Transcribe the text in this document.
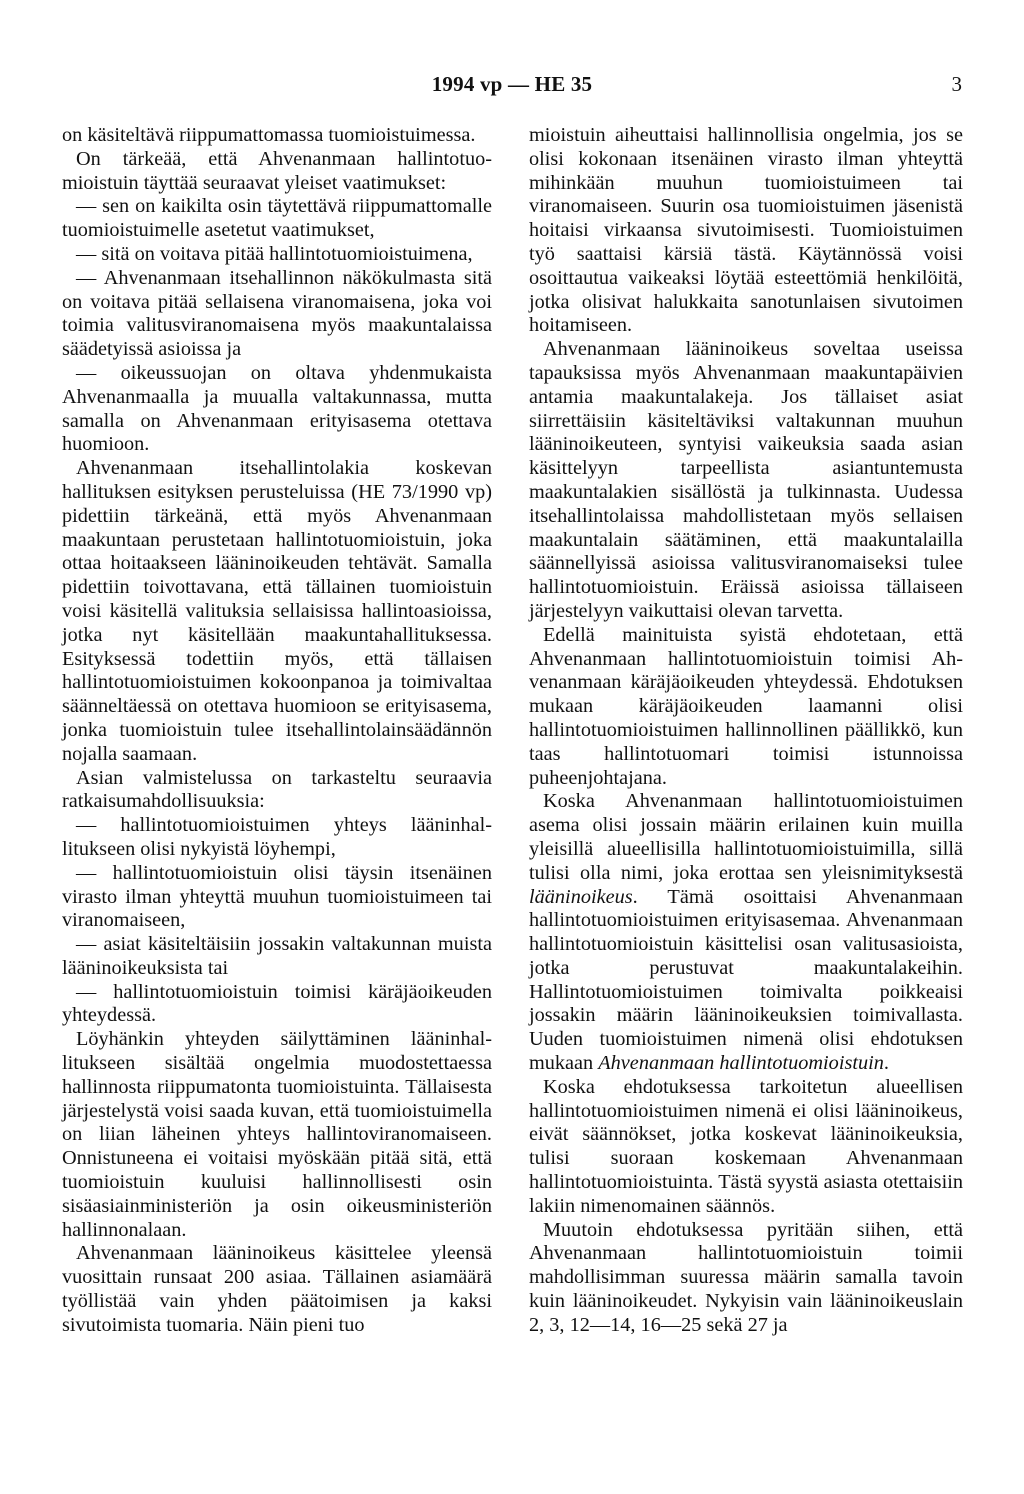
1994 vp — HE 35	3

on käsiteltävä riippumattomassa tuomioistuimessa.

On tärkeää, että Ahvenanmaan hallintotuomioistuin täyttää seuraavat yleiset vaatimukset:

— sen on kaikilta osin täytettävä riippumattomalle tuomioistuimelle asetetut vaatimukset,

— sitä on voitava pitää hallintotuomioistuimena,

— Ahvenanmaan itsehallinnon näkökulmasta sitä on voitava pitää sellaisena viranomaisena, joka voi toimia valitusviranomaisena myös maakuntalaissa säädetyissä asioissa ja

— oikeussuojan on oltava yhdenmukaista Ahvenanmaalla ja muualla valtakunnassa, mutta samalla on Ahvenanmaan erityisasema otettava huomioon.

Ahvenanmaan itsehallintolakia koskevan hallituksen esityksen perusteluissa (HE 73/1990 vp) pidettiin tärkeänä, että myös Ahvenanmaan maakuntaan perustetaan hallintotuomioistuin, joka ottaa hoitaakseen lääninoikeuden tehtävät. Samalla pidettiin toivottavana, että tällainen tuomioistuin voisi käsitellä valituksia sellaisissa hallintoasioissa, jotka nyt käsitellään maakuntahallituksessa. Esityksessä todettiin myös, että tällaisen hallintotuomioistuimen kokoonpanoa ja toimivaltaa säänneltäessä on otettava huomioon se erityisasema, jonka tuomioistuin tulee itsehallintolainsäädännön nojalla saamaan.

Asian valmistelussa on tarkasteltu seuraavia ratkaisumahdollisuuksia:

— hallintotuomioistuimen yhteys lääninhallitukseen olisi nykyistä löyhempi,

— hallintotuomioistuin olisi täysin itsenäinen virasto ilman yhteyttä muuhun tuomioistuimeen tai viranomaiseen,

— asiat käsiteltäisiin jossakin valtakunnan muista lääninoikeuksista tai

— hallintotuomioistuin toimisi käräjäoikeuden yhteydessä.

Löyhänkin yhteyden säilyttäminen lääninhallitukseen sisältää ongelmia muodostettaessa hallinnosta riippumatonta tuomioistuinta. Tällaisesta järjestelystä voisi saada kuvan, että tuomioistuimella on liian läheinen yhteys hallintoviranomaiseen. Onnistuneena ei voitaisi myöskään pitää sitä, että tuomioistuin kuuluisi hallinnollisesti osin sisäasiainministeriön ja osin oikeusministeriön hallinnonalaan.

Ahvenanmaan lääninoikeus käsittelee yleensä vuosittain runsaat 200 asiaa. Tällainen asiamäärä työllistää vain yhden päätoimisen ja kaksi sivutoimista tuomaria. Näin pieni tuo

mioistuin aiheuttaisi hallinnollisia ongelmia, jos se olisi kokonaan itsenäinen virasto ilman yhteyttä mihinkään muuhun tuomioistuimeen tai viranomaiseen. Suurin osa tuomioistuimen jäsenistä hoitaisi virkaansa sivutoimisesti. Tuomioistuimen työ saattaisi kärsiä tästä. Käytännössä voisi osoittautua vaikeaksi löytää esteettömiä henkilöitä, jotka olisivat halukkaita sanotunlaisen sivutoimen hoitamiseen.

Ahvenanmaan lääninoikeus soveltaa useissa tapauksissa myös Ahvenanmaan maakuntapäivien antamia maakuntalakeja. Jos tällaiset asiat siirrettäisiin käsiteltäviksi valtakunnan muuhun lääninoikeuteen, syntyisi vaikeuksia saada asian käsittelyyn tarpeellista asiantuntemusta maakuntalakien sisällöstä ja tulkinnasta. Uudessa itsehallintolaissa mahdollistetaan myös sellaisen maakuntalain säätäminen, että maakuntalailla säännellyissä asioissa valitusviranomaiseksi tulee hallintotuomioistuin. Eräissä asioissa tällaiseen järjestelyyn vaikuttaisi olevan tarvetta.

Edellä mainituista syistä ehdotetaan, että Ahvenanmaan hallintotuomioistuin toimisi Ahvenanmaan käräjäoikeuden yhteydessä. Ehdotuksen mukaan käräjäoikeuden laamanni olisi hallintotuomioistuimen hallinnollinen päällikkö, kun taas hallintotuomari toimisi istunnoissa puheenjohtajana.

Koska Ahvenanmaan hallintotuomioistuimen asema olisi jossain määrin erilainen kuin muilla yleisillä alueellisilla hallintotuomioistuimilla, sillä tulisi olla nimi, joka erottaa sen yleisnimityksestä lääninoikeus. Tämä osoittaisi Ahvenanmaan hallintotuomioistuimen erityisasemaa. Ahvenanmaan hallintotuomioistuin käsittelisi osan valitusasioista, jotka perustuvat maakuntalakeihin. Hallintotuomioistuimen toimivalta poikkeaisi jossakin määrin lääninoikeuksien toimivallasta. Uuden tuomioistuimen nimenä olisi ehdotuksen mukaan Ahvenanmaan hallintotuomioistuin.

Koska ehdotuksessa tarkoitetun alueellisen hallintotuomioistuimen nimenä ei olisi lääninoikeus, eivät säännökset, jotka koskevat lääninoikeuksia, tulisi suoraan koskemaan Ahvenanmaan hallintotuomioistuinta. Tästä syystä asiasta otettaisiin lakiin nimenomainen säännös.

Muutoin ehdotuksessa pyritään siihen, että Ahvenanmaan hallintotuomioistuin toimii mahdollisimman suuressa määrin samalla tavoin kuin lääninoikeudet. Nykyisin vain lääninoikeuslain 2, 3, 12—14, 16—25 sekä 27 ja
